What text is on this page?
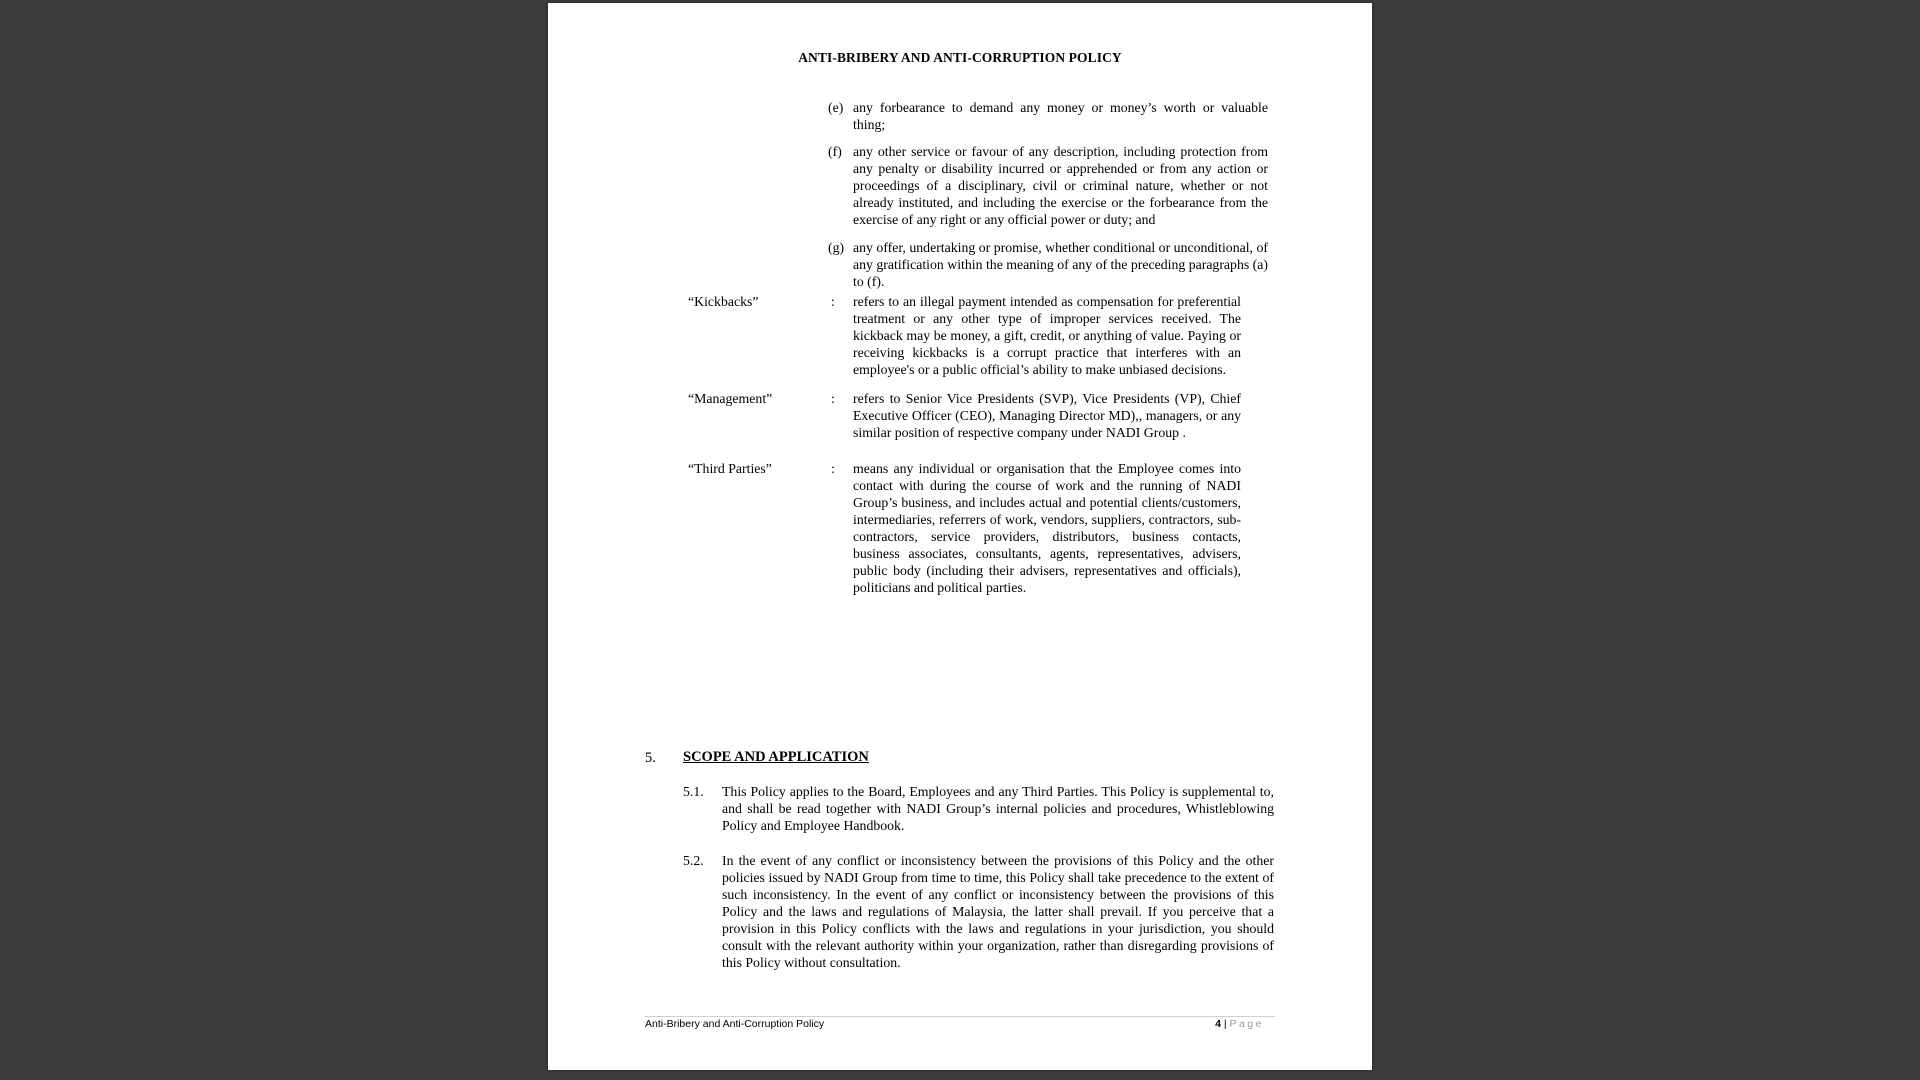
ANTI-BRIBERY AND ANTI-CORRUPTION POLICY
(e) any forbearance to demand any money or money’s worth or valuable thing;
(f) any other service or favour of any description, including protection from any penalty or disability incurred or apprehended or from any action or proceedings of a disciplinary, civil or criminal nature, whether or not already instituted, and including the exercise or the forbearance from the exercise of any right or any official power or duty; and
(g) any offer, undertaking or promise, whether conditional or unconditional, of any gratification within the meaning of any of the preceding paragraphs (a) to (f).
“Kickbacks”	: refers to an illegal payment intended as compensation for preferential treatment or any other type of improper services received. The kickback may be money, a gift, credit, or anything of value. Paying or receiving kickbacks is a corrupt practice that interferes with an employee's or a public official’s ability to make unbiased decisions.
“Management”	: refers to Senior Vice Presidents (SVP), Vice Presidents (VP), Chief Executive Officer (CEO), Managing Director MD),, managers, or any similar position of respective company under NADI Group .
“Third Parties”	: means any individual or organisation that the Employee comes into contact with during the course of work and the running of NADI Group’s business, and includes actual and potential clients/customers, intermediaries, referrers of work, vendors, suppliers, contractors, sub-contractors, service providers, distributors, business contacts, business associates, consultants, agents, representatives, advisers, public body (including their advisers, representatives and officials), politicians and political parties.
5. SCOPE AND APPLICATION
5.1. This Policy applies to the Board, Employees and any Third Parties. This Policy is supplemental to, and shall be read together with NADI Group’s internal policies and procedures, Whistleblowing Policy and Employee Handbook.
5.2. In the event of any conflict or inconsistency between the provisions of this Policy and the other policies issued by NADI Group from time to time, this Policy shall take precedence to the extent of such inconsistency. In the event of any conflict or inconsistency between the provisions of this Policy and the laws and regulations of Malaysia, the latter shall prevail. If you perceive that a provision in this Policy conflicts with the laws and regulations in your jurisdiction, you should consult with the relevant authority within your organization, rather than disregarding provisions of this Policy without consultation.
Anti-Bribery and Anti-Corruption Policy	4 | Page
